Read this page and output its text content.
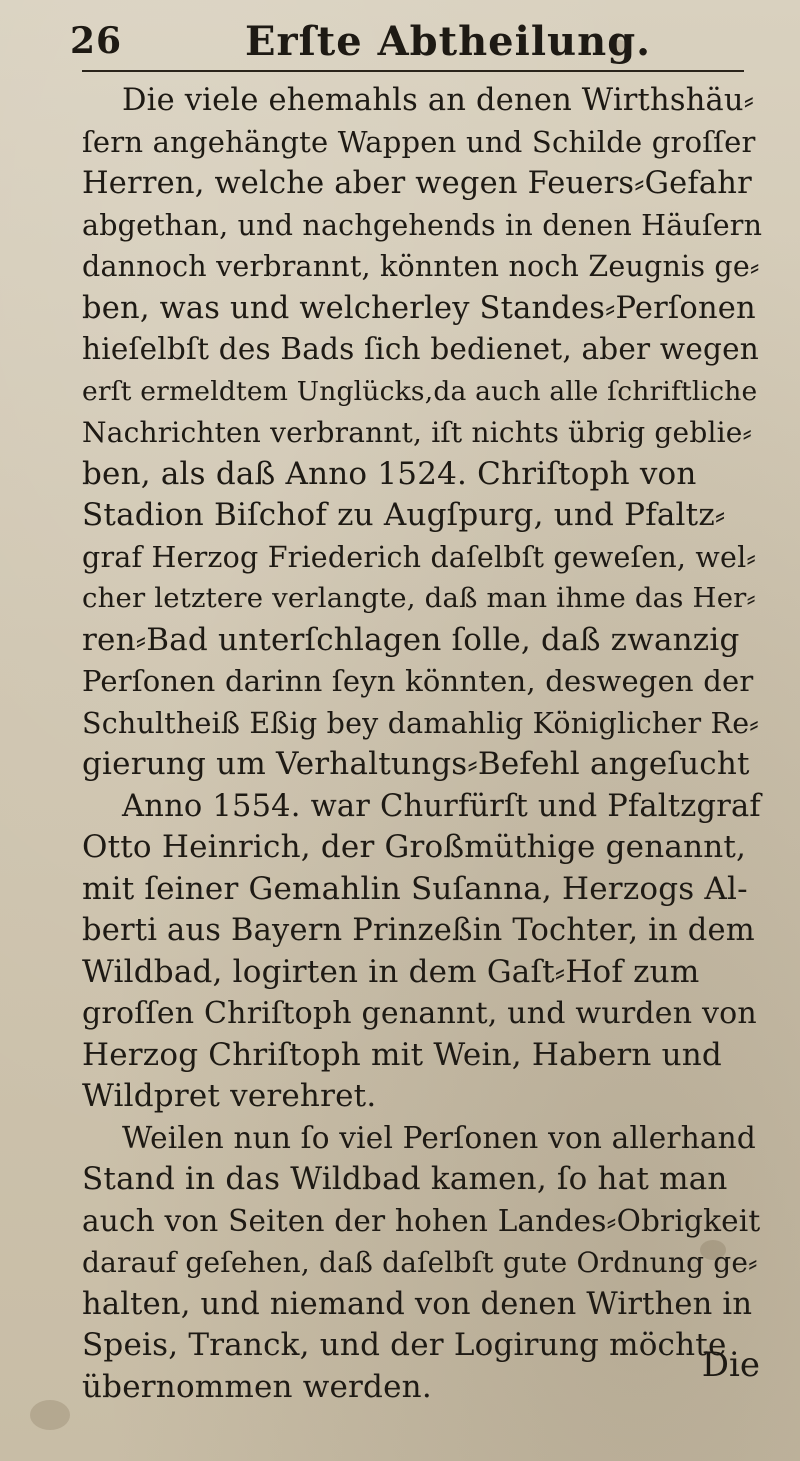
26	Erſte Abtheilung.
Die viele ehemahls an denen Wirthshäu⸗
ſern angehängte Wappen und Schilde groſſer
Herren, welche aber wegen Feuers⸗Gefahr
abgethan, und nachgehends in denen Häuſern
dannoch verbrannt, könnten noch Zeugnis ge⸗
ben, was und welcherley Standes⸗Perſonen
hieſelbſt des Bads ſich bedienet, aber wegen
erſt ermeldtem Unglücks,da auch alle ſchriftliche
Nachrichten verbrannt, iſt nichts übrig geblie⸗
ben, als daß Anno 1524. Chriſtoph von
Stadion Biſchof zu Augſpurg, und Pfaltz⸗
graf Herzog Friederich daſelbſt geweſen, wel⸗
cher letztere verlangte, daß man ihme das Her⸗
ren⸗Bad unterſchlagen ſolle, daß zwanzig
Perſonen darinn ſeyn könnten, deswegen der
Schultheiß Eßig bey damahlig Königlicher Re⸗
gierung um Verhaltungs⸗Befehl angeſucht
Anno 1554. war Churfürſt und Pfaltzgraf
Otto Heinrich, der Großmüthige genannt,
mit ſeiner Gemahlin Suſanna, Herzogs Al-
berti aus Bayern Prinzeßin Tochter, in dem
Wildbad, logirten in dem Gaſt⸗Hof zum
groſſen Chriſtoph genannt, und wurden von
Herzog Chriſtoph mit Wein, Habern und
Wildpret verehret.
Weilen nun ſo viel Perſonen von allerhand
Stand in das Wildbad kamen, ſo hat man
auch von Seiten der hohen Landes⸗Obrigkeit
darauf geſehen, daß daſelbſt gute Ordnung ge⸗
halten, und niemand von denen Wirthen in
Speis, Tranck, und der Logirung möchte
übernommen werden.
Die
